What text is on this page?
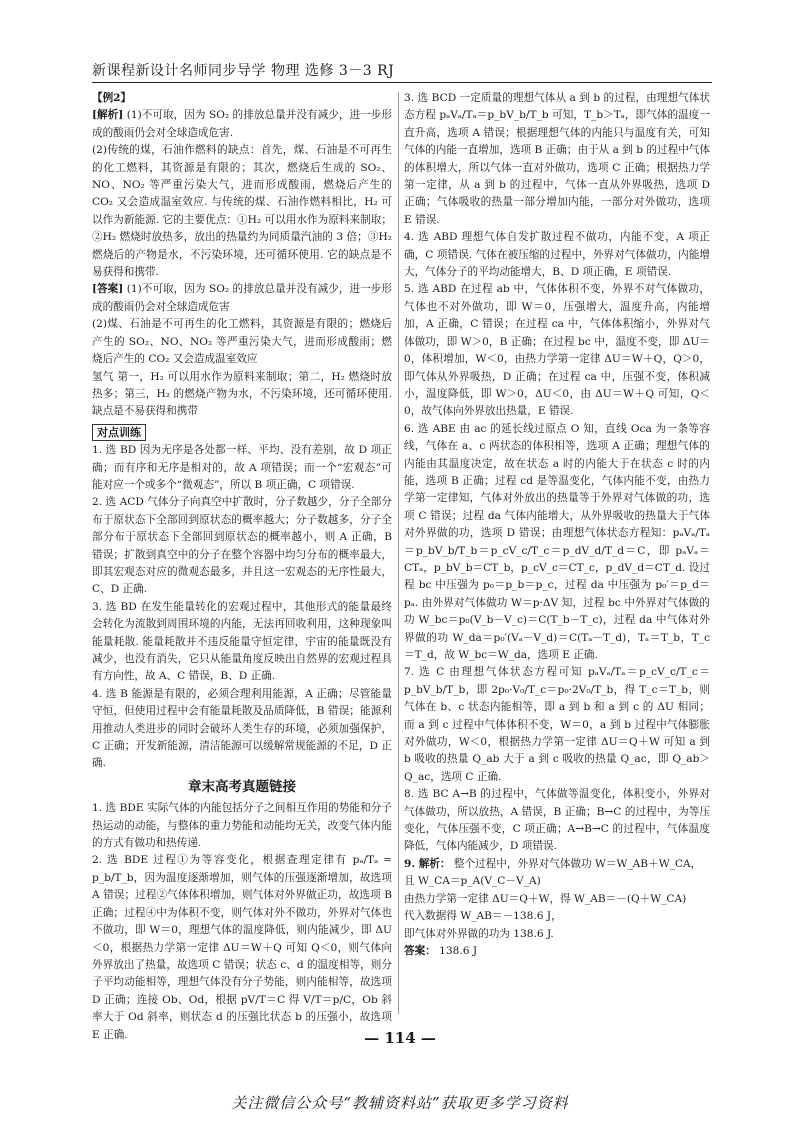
新课程新设计名师同步导学 物理 选修 3－3 RJ

【例2】

[解析] (1)不可取，因为 SO₂ 的排放总量并没有减少，进一步形成的酸雨仍会对全球造成危害.

(2)传统的煤，石油作燃料的缺点：首先，煤、石油是不可再生的化工燃料，其资源是有限的；其次，燃烧后生成的 SO₂、NO、NO₂ 等严重污染大气，进而形成酸雨，燃烧后产生的 CO₂ 又会造成温室效应. 与传统的煤、石油作燃料相比，H₂ 可以作为新能源. 它的主要优点：①H₂ 可以用水作为原料来制取；②H₂ 燃烧时放热多，放出的热量约为同质量汽油的 3 倍；③H₂ 燃烧后的产物是水，不污染环境，还可循环使用. 它的缺点是不易获得和携带.

[答案] (1)不可取，因为 SO₂ 的排放总量并没有减少，进一步形成的酸雨仍会对全球造成危害

(2)煤、石油是不可再生的化工燃料，其资源是有限的；燃烧后产生的 SO₂、NO、NO₂ 等严重污染大气，进而形成酸雨；燃烧后产生的 CO₂ 又会造成温室效应

氢气 第一，H₂ 可以用水作为原料来制取；第二，H₂ 燃烧时放热多；第三，H₂ 的燃烧产物为水，不污染环境，还可循环使用. 缺点是不易获得和携带

对点训练

1. 选 BD 因为无序是各处都一样、平均、没有差别，故 D 项正确；而有序和无序是相对的，故 A 项错误；而一个“宏观态”可能对应一个或多个“微观态”，所以 B 项正确，C 项错误.

2. 选 ACD 气体分子向真空中扩散时，分子数越少，分子全部分布于原状态下全部回到原状态的概率越大；分子数越多，分子全部分布于原状态下全部回到原状态的概率越小，则 A 正确，B 错误；扩散到真空中的分子在整个容器中均匀分布的概率最大，即其宏观态对应的微观态最多，并且这一宏观态的无序性最大，C、D 正确.

3. 选 BD 在发生能量转化的宏观过程中，其他形式的能量最终会转化为流散到周围环境的内能，无法再回收利用，这种现象叫能量耗散. 能量耗散并不违反能量守恒定律，宇宙的能量既没有减少，也没有消失，它只从能量角度反映出自然界的宏观过程具有方向性，故 A、C 错误，B、D 正确.

4. 选 B 能源是有限的，必须合理利用能源，A 正确；尽管能量守恒，但使用过程中会有能量耗散及品质降低，B 错误；能源利用推动人类进步的同时会破坏人类生存的环境，必须加强保护，C 正确；开发新能源，清洁能源可以缓解常规能源的不足，D 正确.

章末高考真题链接

1. 选 BDE 实际气体的内能包括分子之间相互作用的势能和分子热运动的动能，与整体的重力势能和动能均无关，改变气体内能的方式有做功和热传递.

2. 选 BDE 过程①为等容变化，根据查理定律有 pₐ/Tₐ = p_b/T_b，因为温度逐渐增加，则气体的压强逐渐增加，故选项 A 错误；过程②气体体积增加，则气体对外界做正功，故选项 B 正确；过程④中为体积不变，则气体对外不做功，外界对气体也不做功，即 W＝0，理想气体的温度降低，则内能减少，即 ΔU＜0，根据热力学第一定律 ΔU＝W＋Q 可知 Q＜0，则气体向外界放出了热量，故选项 C 错误；状态 c、d 的温度相等，则分子平均动能相等，理想气体没有分子势能，则内能相等，故选项 D 正确；连接 Ob、Od，根据 pV/T＝C 得 V/T＝p/C，Ob 斜率大于 Od 斜率，则状态 d 的压强比状态 b 的压强小，故选项 E 正确.

3. 选 BCD 一定质量的理想气体从 a 到 b 的过程，由理想气体状态方程 pₐVₐ/Tₐ＝p_bV_b/T_b 可知，T_b＞Tₐ，即气体的温度一直升高，选项 A 错误；根据理想气体的内能只与温度有关，可知气体的内能一直增加，选项 B 正确；由于从 a 到 b 的过程中气体的体积增大，所以气体一直对外做功，选项 C 正确；根据热力学第一定律，从 a 到 b 的过程中，气体一直从外界吸热，选项 D 正确；气体吸收的热量一部分增加内能，一部分对外做功，选项 E 错误.

4. 选 ABD 理想气体自发扩散过程不做功，内能不变，A 项正确，C 项错误. 气体在被压缩的过程中，外界对气体做功，内能增大，气体分子的平均动能增大，B、D 项正确，E 项错误.

5. 选 ABD 在过程 ab 中，气体体积不变，外界不对气体做功，气体也不对外做功，即 W＝0，压强增大，温度升高，内能增加，A 正确，C 错误；在过程 ca 中，气体体积缩小，外界对气体做功，即 W＞0，B 正确；在过程 bc 中，温度不变，即 ΔU＝0，体积增加，W＜0，由热力学第一定律 ΔU＝W＋Q，Q＞0，即气体从外界吸热，D 正确；在过程 ca 中，压强不变，体积减小，温度降低，即 W＞0，ΔU＜0，由 ΔU＝W＋Q 可知，Q＜0，故气体向外界放出热量，E 错误.

6. 选 ABE 由 ac 的延长线过原点 O 知，直线 Oca 为一条等容线，气体在 a、c 两状态的体积相等，选项 A 正确；理想气体的内能由其温度决定，故在状态 a 时的内能大于在状态 c 时的内能，选项 B 正确；过程 cd 是等温变化，气体内能不变，由热力学第一定律知，气体对外放出的热量等于外界对气体做的功，选项 C 错误；过程 da 气体内能增大，从外界吸收的热量大于气体对外界做的功，选项 D 错误；由理想气体状态方程知：pₐVₐ/Tₐ＝p_bV_b/T_b＝p_cV_c/T_c＝p_dV_d/T_d＝C，即 pₐVₐ＝CTₐ，p_bV_b＝CT_b，p_cV_c＝CT_c，p_dV_d＝CT_d. 设过程 bc 中压强为 p₀＝p_b＝p_c，过程 da 中压强为 p₀′＝p_d＝pₐ. 由外界对气体做功 W＝p·ΔV 知，过程 bc 中外界对气体做的功 W_bc＝p₀(V_b－V_c)＝C(T_b－T_c)，过程 da 中气体对外界做的功 W_da＝p₀′(Vₐ－V_d)＝C(Tₐ－T_d)，Tₐ＝T_b，T_c＝T_d，故 W_bc＝W_da，选项 E 正确.

7. 选 C 由理想气体状态方程可知 pₐVₐ/Tₐ＝p_cV_c/T_c＝p_bV_b/T_b，即 2p₀·V₀/T_c＝p₀·2V₀/T_b，得 T_c＝T_b，则气体在 b、c 状态内能相等，即 a 到 b 和 a 到 c 的 ΔU 相同；而 a 到 c 过程中气体体积不变，W＝0，a 到 b 过程中气体膨胀对外做功，W＜0，根据热力学第一定律 ΔU＝Q＋W 可知 a 到 b 吸收的热量 Q_ab 大于 a 到 c 吸收的热量 Q_ac，即 Q_ab＞Q_ac，选项 C 正确.

8. 选 BC A→B 的过程中，气体做等温变化，体积变小，外界对气体做功，所以放热，A 错误，B 正确；B→C 的过程中，为等压变化，气体压强不变，C 项正确；A→B→C 的过程中，气体温度降低，气体内能减少，D 项错误.

9. 解析： 整个过程中，外界对气体做功 W＝W_AB＋W_CA，

且 W_CA＝p_A(V_C－V_A)

由热力学第一定律 ΔU＝Q＋W，得 W_AB＝－(Q＋W_CA)

代入数据得 W_AB＝－138.6 J，

即气体对外界做的功为 138.6 J.

答案： 138.6 J

— 114 —
关注微信公众号“教辅资料站”获取更多学习资料
